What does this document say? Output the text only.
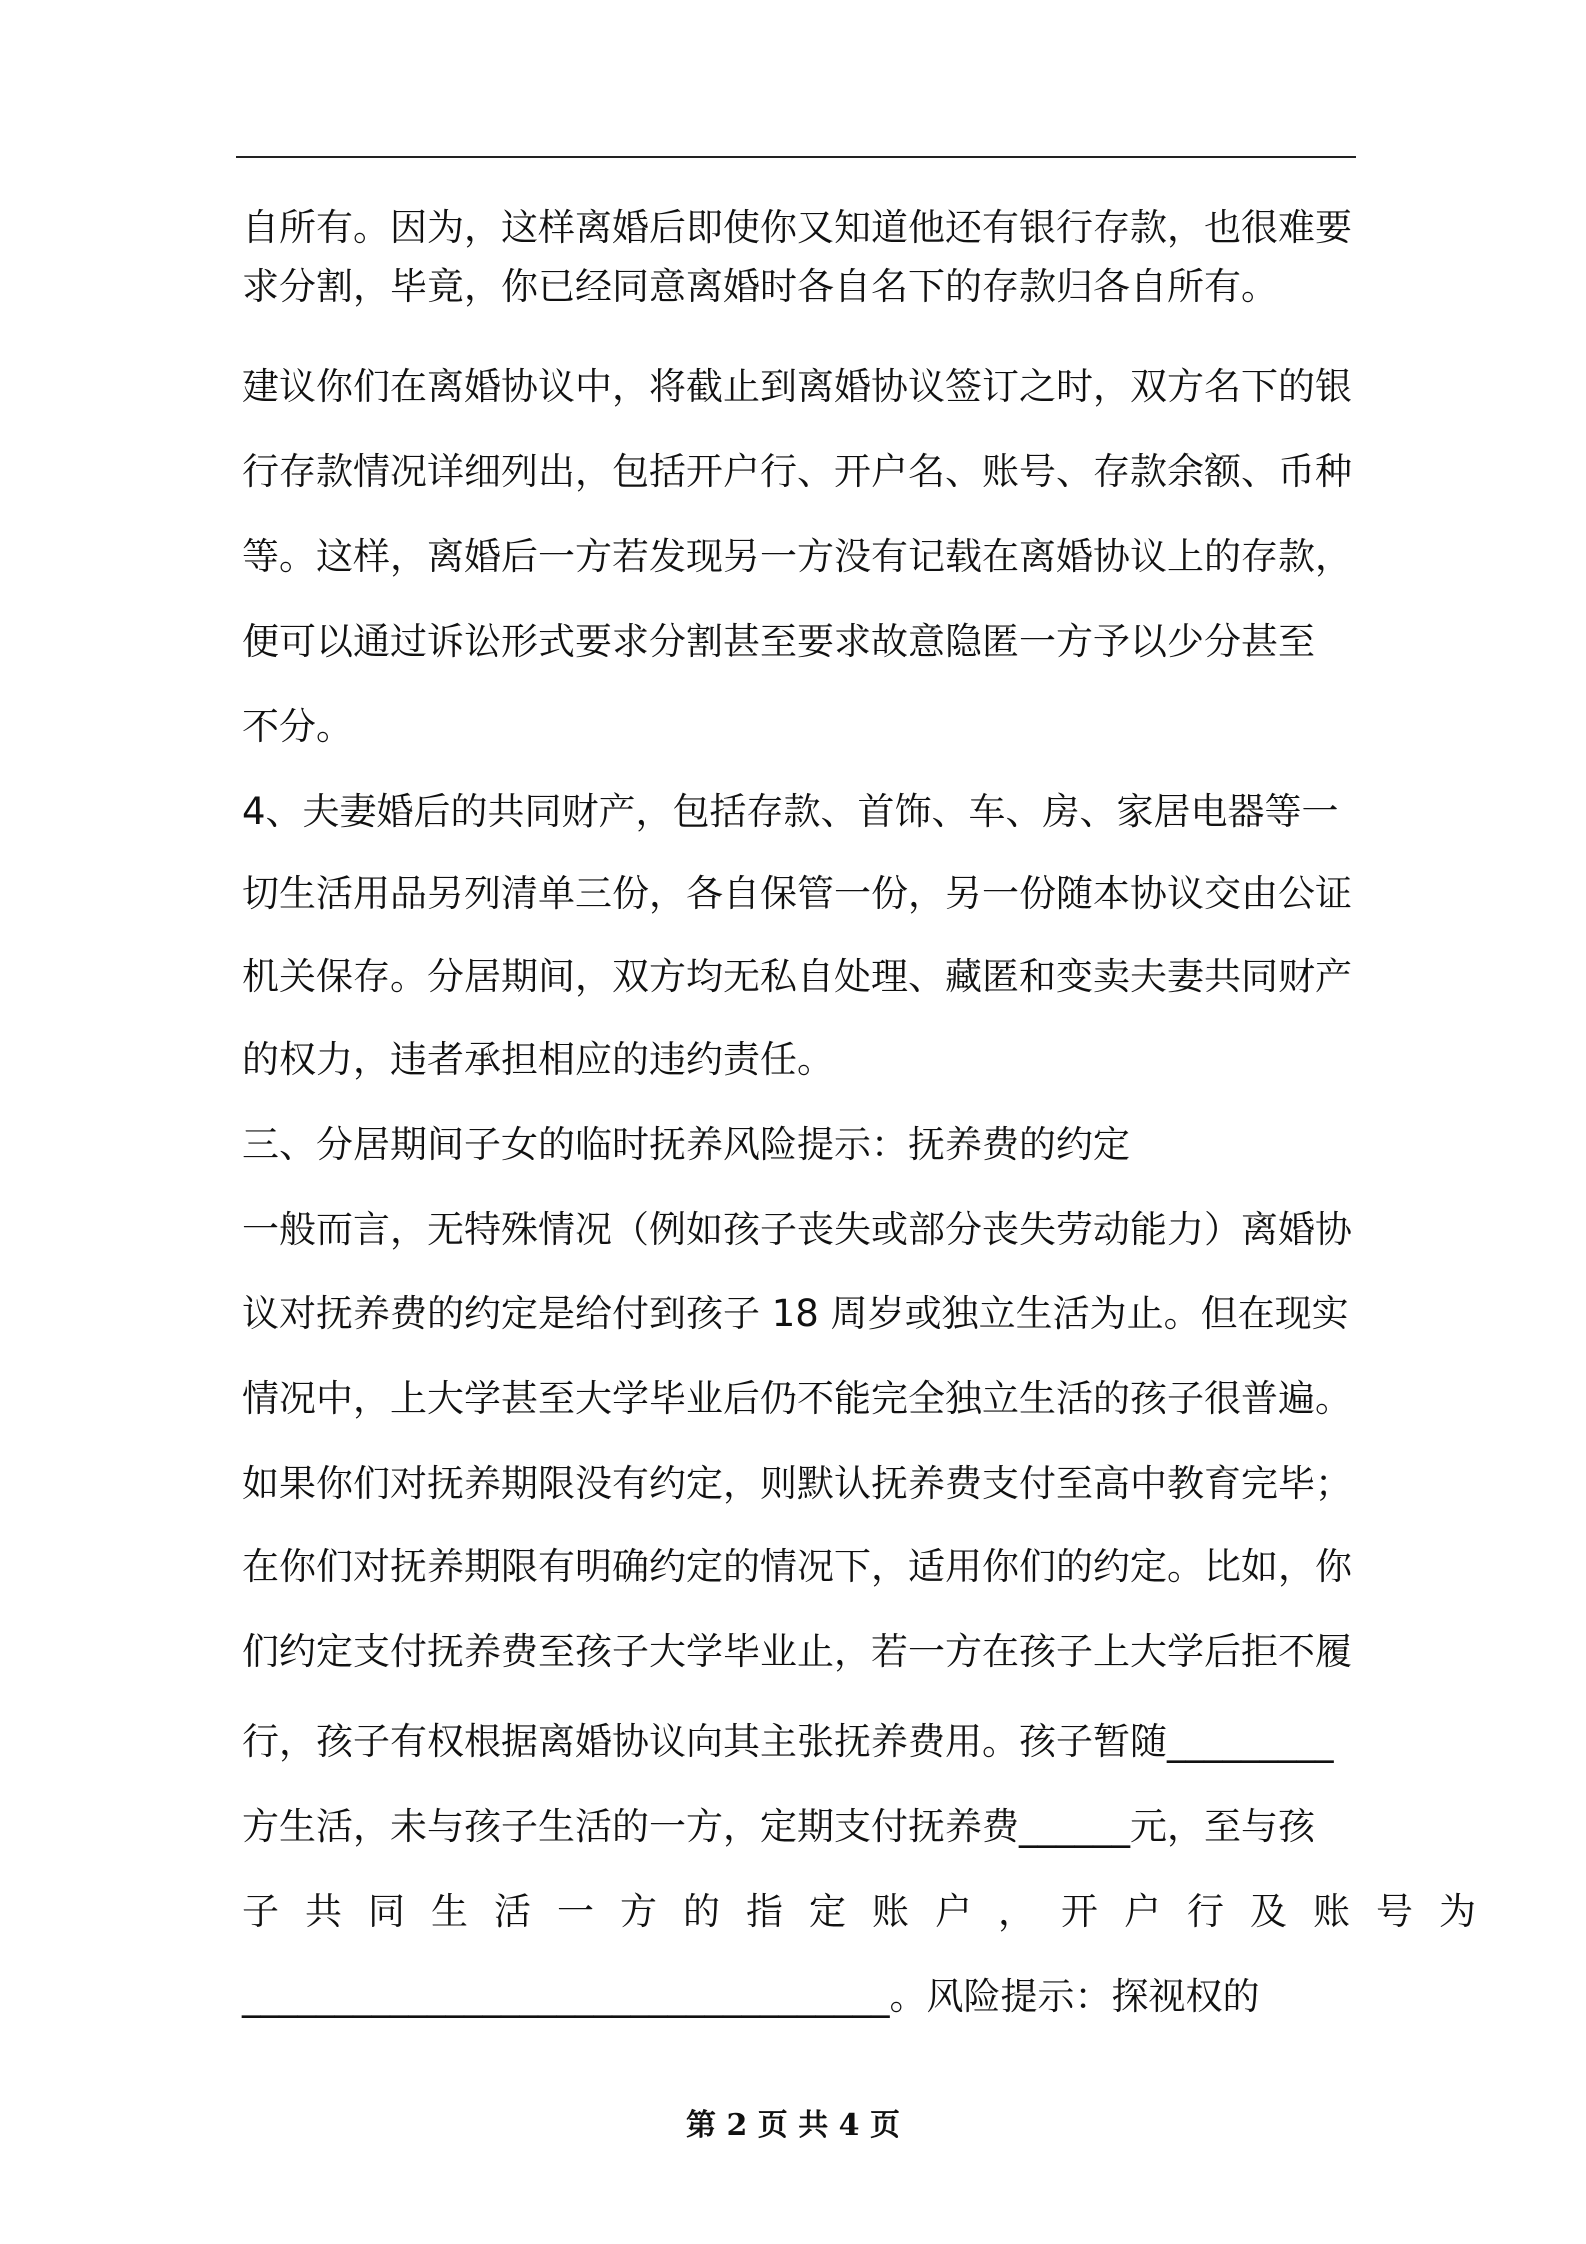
自所有。因为，这样离婚后即使你又知道他还有银行存款，也很难要
求分割，毕竟，你已经同意离婚时各自名下的存款归各自所有。
建议你们在离婚协议中，将截止到离婚协议签订之时，双方名下的银
行存款情况详细列出，包括开户行、开户名、账号、存款余额、币种
等。这样，离婚后一方若发现另一方没有记载在离婚协议上的存款，
便可以通过诉讼形式要求分割甚至要求故意隐匿一方予以少分甚至
不分。
4、夫妻婚后的共同财产，包括存款、首饰、车、房、家居电器等一
切生活用品另列清单三份，各自保管一份，另一份随本协议交由公证
机关保存。分居期间，双方均无私自处理、藏匿和变卖夫妻共同财产
的权力，违者承担相应的违约责任。
三、分居期间子女的临时抚养风险提示：抚养费的约定
一般而言，无特殊情况（例如孩子丧失或部分丧失劳动能力）离婚协
议对抚养费的约定是给付到孩子 18 周岁或独立生活为止。但在现实
情况中，上大学甚至大学毕业后仍不能完全独立生活的孩子很普遍。
如果你们对抚养期限没有约定，则默认抚养费支付至高中教育完毕；
在你们对抚养期限有明确约定的情况下，适用你们的约定。比如，你
们约定支付抚养费至孩子大学毕业止，若一方在孩子上大学后拒不履
行，孩子有权根据离婚协议向其主张抚养费用。孩子暂随_________
方生活，未与孩子生活的一方，定期支付抚养费______元，至与孩
子共同生活一方的指定账户，开户行及账号为
___________________________________。风险提示：探视权的
第 2 页 共 4 页
